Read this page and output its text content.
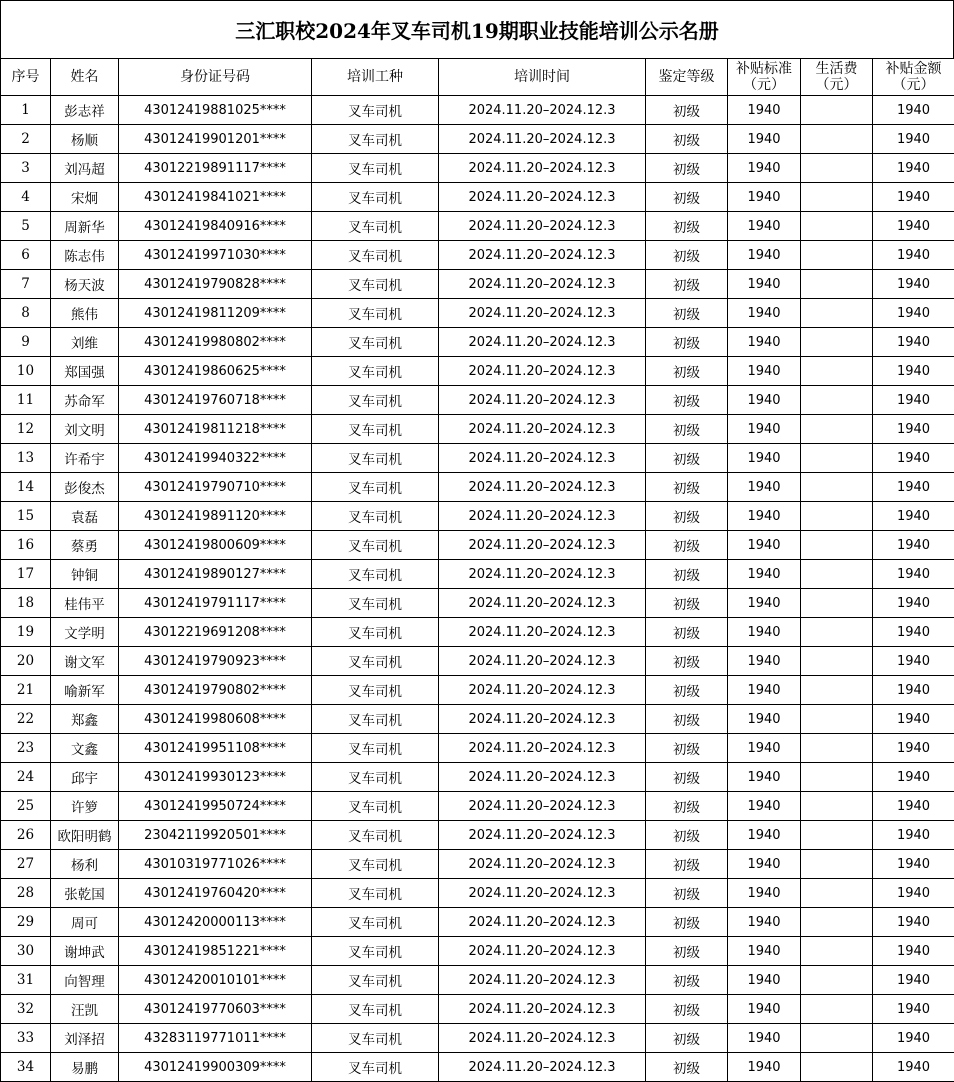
三汇职校2024年叉车司机19期职业技能培训公示名册
序号	姓名	身份证号码	培训工种	培训时间	鉴定等级	补贴标准（元）	生活费（元）	补贴金额（元）
1	彭志祥	43012419881025****	叉车司机	2024.11.20–2024.12.3	初级	1940		1940
2	杨顺	43012419901201****	叉车司机	2024.11.20–2024.12.3	初级	1940		1940
3	刘冯超	43012219891117****	叉车司机	2024.11.20–2024.12.3	初级	1940		1940
4	宋炯	43012419841021****	叉车司机	2024.11.20–2024.12.3	初级	1940		1940
5	周新华	43012419840916****	叉车司机	2024.11.20–2024.12.3	初级	1940		1940
6	陈志伟	43012419971030****	叉车司机	2024.11.20–2024.12.3	初级	1940		1940
7	杨天波	43012419790828****	叉车司机	2024.11.20–2024.12.3	初级	1940		1940
8	熊伟	43012419811209****	叉车司机	2024.11.20–2024.12.3	初级	1940		1940
9	刘维	43012419980802****	叉车司机	2024.11.20–2024.12.3	初级	1940		1940
10	郑国强	43012419860625****	叉车司机	2024.11.20–2024.12.3	初级	1940		1940
11	苏命军	43012419760718****	叉车司机	2024.11.20–2024.12.3	初级	1940		1940
12	刘文明	43012419811218****	叉车司机	2024.11.20–2024.12.3	初级	1940		1940
13	许希宇	43012419940322****	叉车司机	2024.11.20–2024.12.3	初级	1940		1940
14	彭俊杰	43012419790710****	叉车司机	2024.11.20–2024.12.3	初级	1940		1940
15	袁磊	43012419891120****	叉车司机	2024.11.20–2024.12.3	初级	1940		1940
16	蔡勇	43012419800609****	叉车司机	2024.11.20–2024.12.3	初级	1940		1940
17	钟铜	43012419890127****	叉车司机	2024.11.20–2024.12.3	初级	1940		1940
18	桂伟平	43012419791117****	叉车司机	2024.11.20–2024.12.3	初级	1940		1940
19	文学明	43012219691208****	叉车司机	2024.11.20–2024.12.3	初级	1940		1940
20	谢文军	43012419790923****	叉车司机	2024.11.20–2024.12.3	初级	1940		1940
21	喻新军	43012419790802****	叉车司机	2024.11.20–2024.12.3	初级	1940		1940
22	郑鑫	43012419980608****	叉车司机	2024.11.20–2024.12.3	初级	1940		1940
23	文鑫	43012419951108****	叉车司机	2024.11.20–2024.12.3	初级	1940		1940
24	邱宇	43012419930123****	叉车司机	2024.11.20–2024.12.3	初级	1940		1940
25	许箩	43012419950724****	叉车司机	2024.11.20–2024.12.3	初级	1940		1940
26	欧阳明鹤	23042119920501****	叉车司机	2024.11.20–2024.12.3	初级	1940		1940
27	杨利	43010319771026****	叉车司机	2024.11.20–2024.12.3	初级	1940		1940
28	张乾国	43012419760420****	叉车司机	2024.11.20–2024.12.3	初级	1940		1940
29	周可	43012420000113****	叉车司机	2024.11.20–2024.12.3	初级	1940		1940
30	谢坤武	43012419851221****	叉车司机	2024.11.20–2024.12.3	初级	1940		1940
31	向智理	43012420010101****	叉车司机	2024.11.20–2024.12.3	初级	1940		1940
32	汪凯	43012419770603****	叉车司机	2024.11.20–2024.12.3	初级	1940		1940
33	刘泽招	43283119771011****	叉车司机	2024.11.20–2024.12.3	初级	1940		1940
34	易鹏	43012419900309****	叉车司机	2024.11.20–2024.12.3	初级	1940		1940
